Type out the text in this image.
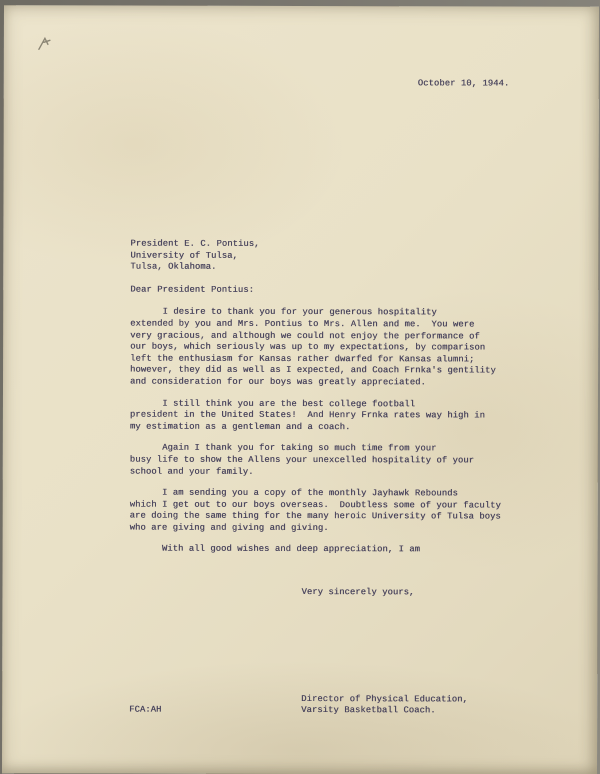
October 10, 1944.
President E. C. Pontius,
University of Tulsa,
Tulsa, Oklahoma.
Dear President Pontius:
I desire to thank you for your generous hospitality
extended by you and Mrs. Pontius to Mrs. Allen and me.  You were
very gracious, and although we could not enjoy the performance of
our boys, which seriously was up to my expectations, by comparison
left the enthusiasm for Kansas rather dwarfed for Kansas alumni;
however, they did as well as I expected, and Coach Frnka's gentility
and consideration for our boys was greatly appreciated.
I still think you are the best college football
president in the United States!  And Henry Frnka rates way high in
my estimation as a gentleman and a coach.
Again I thank you for taking so much time from your
busy life to show the Allens your unexcelled hospitality of your
school and your family.
I am sending you a copy of the monthly Jayhawk Rebounds
which I get out to our boys overseas.  Doubtless some of your faculty
are doing the same thing for the many heroic University of Tulsa boys
who are giving and giving and giving.
With all good wishes and deep appreciation, I am
Very sincerely yours,
FCA:AH
Director of Physical Education,
Varsity Basketball Coach.
